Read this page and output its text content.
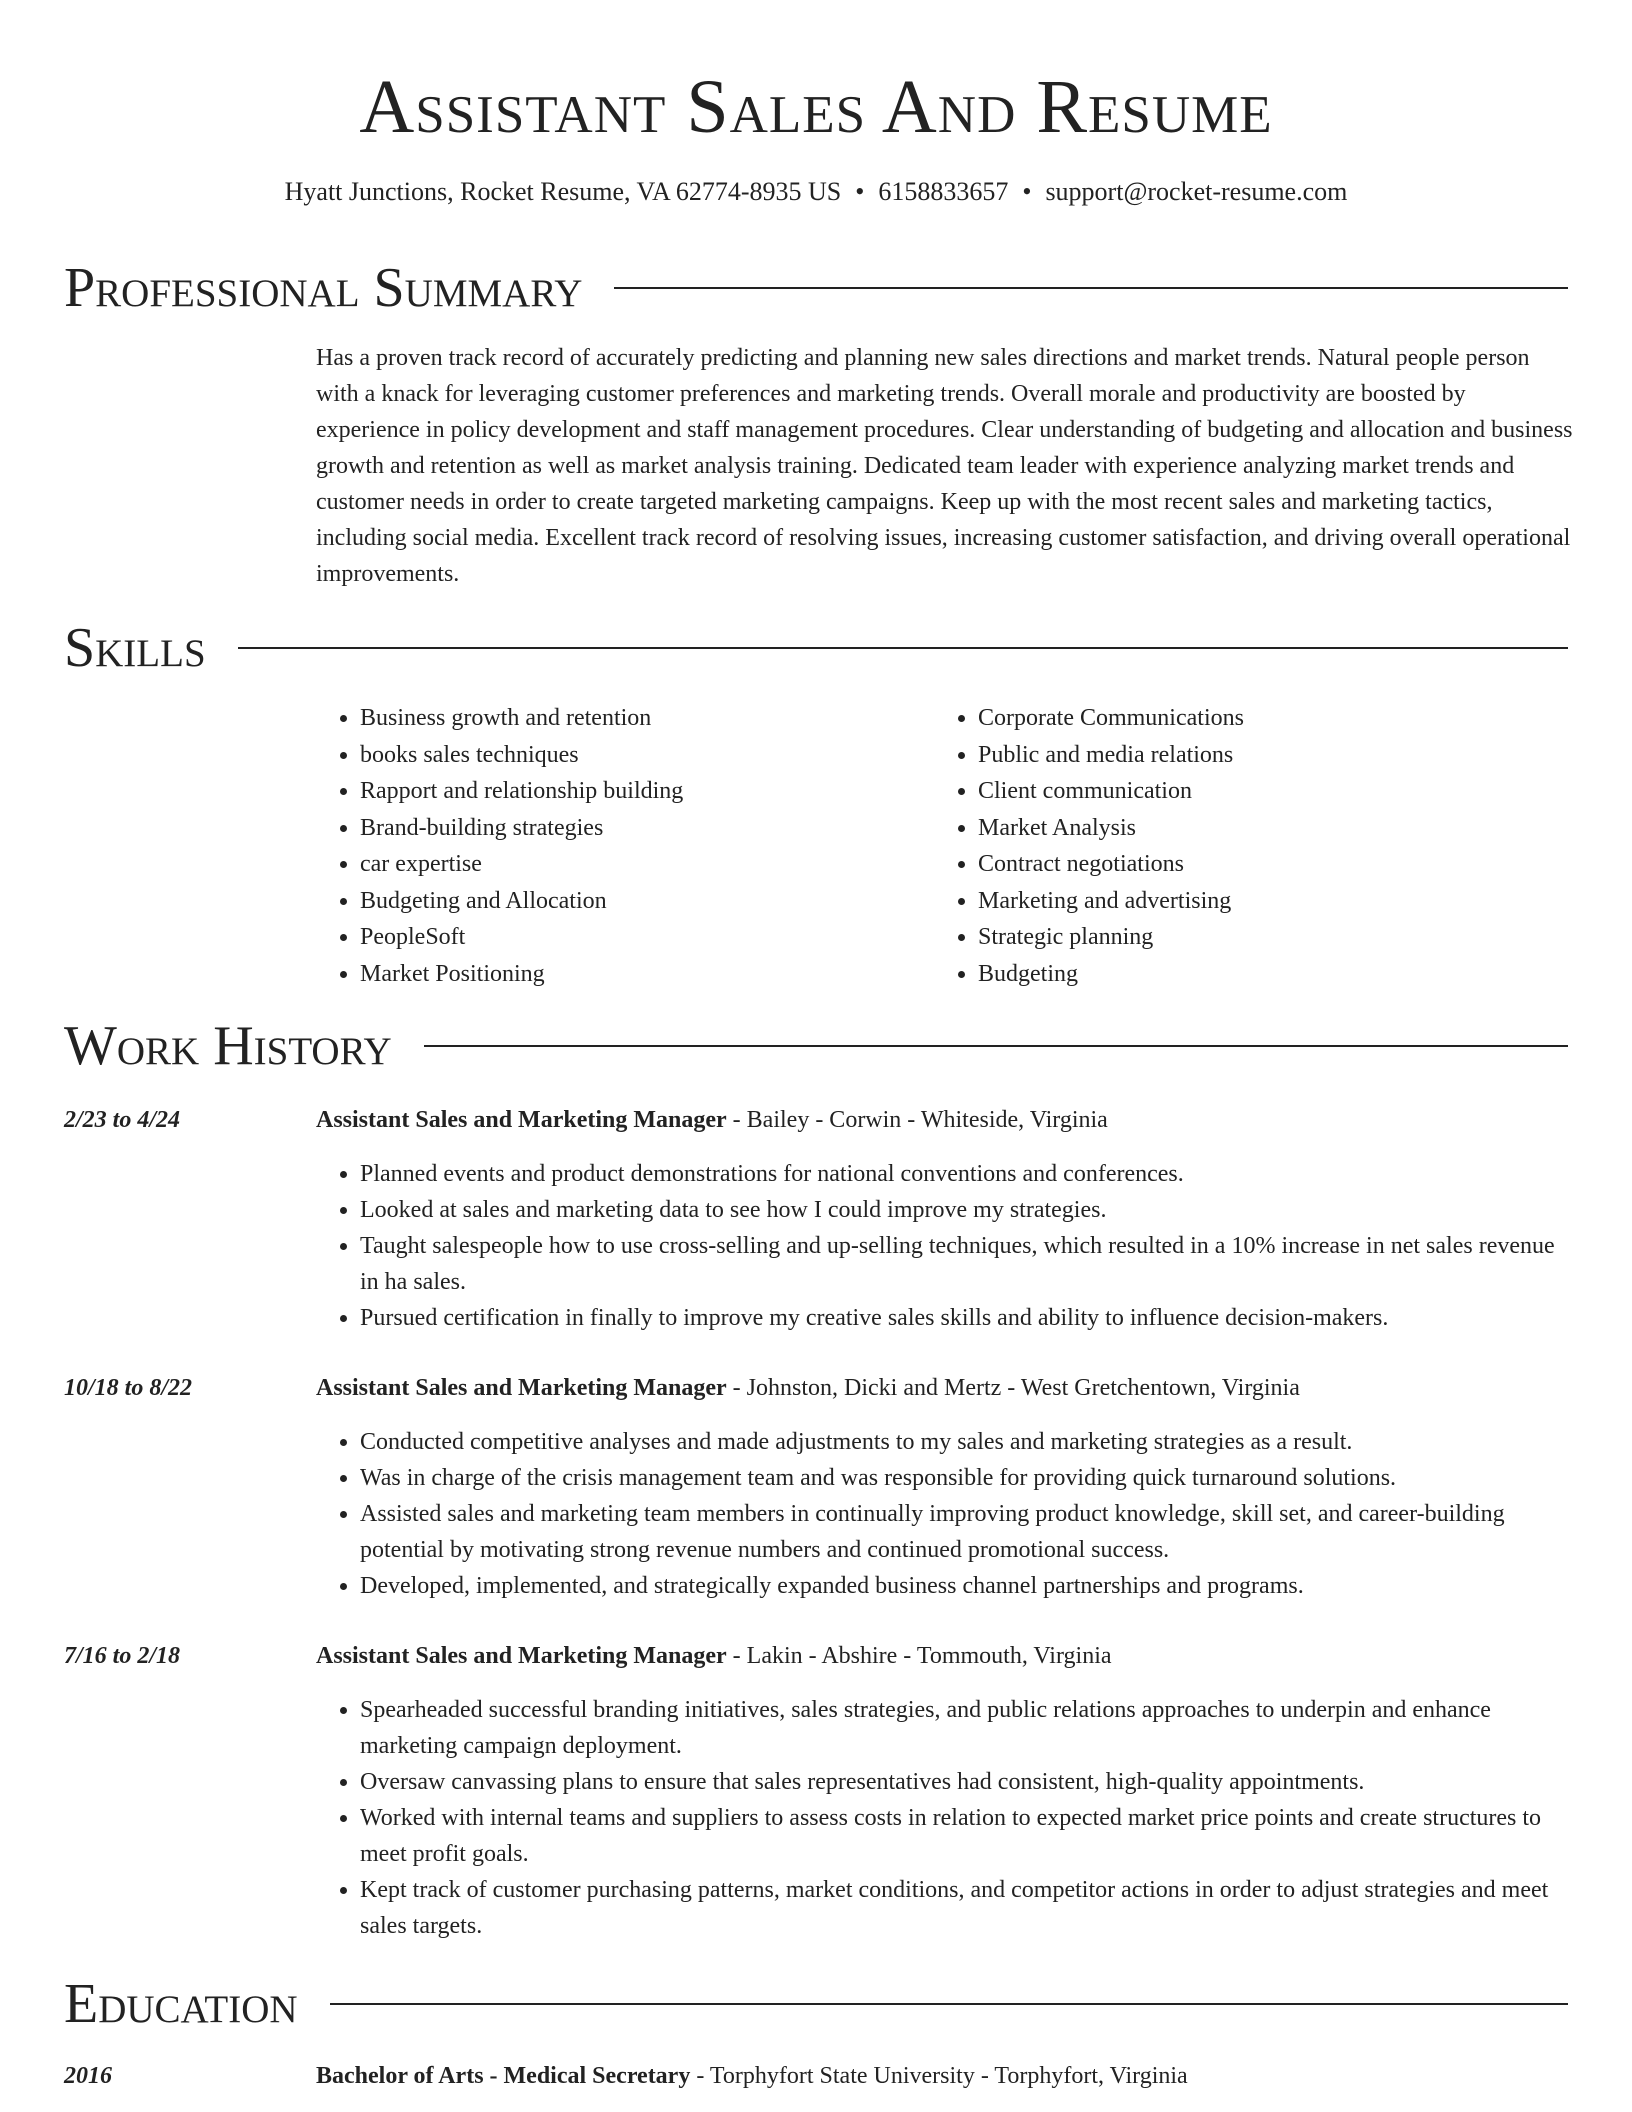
Assistant Sales And Resume
Hyatt Junctions, Rocket Resume, VA 62774-8935 US • 6158833657 • support@rocket-resume.com
Professional Summary

Has a proven track record of accurately predicting and planning new sales directions and market trends. Natural people person with a knack for leveraging customer preferences and marketing trends. Overall morale and productivity are boosted by experience in policy development and staff management procedures. Clear understanding of budgeting and allocation and business growth and retention as well as market analysis training. Dedicated team leader with experience analyzing market trends and customer needs in order to create targeted marketing campaigns. Keep up with the most recent sales and marketing tactics, including social media. Excellent track record of resolving issues, increasing customer satisfaction, and driving overall operational improvements.

Skills
• Business growth and retention
• books sales techniques
• Rapport and relationship building
• Brand-building strategies
• car expertise
• Budgeting and Allocation
• PeopleSoft
• Market Positioning
• Corporate Communications
• Public and media relations
• Client communication
• Market Analysis
• Contract negotiations
• Marketing and advertising
• Strategic planning
• Budgeting
Work History
2/23 to 4/24	Assistant Sales and Marketing Manager - Bailey - Corwin - Whiteside, Virginia
• Planned events and product demonstrations for national conventions and conferences.
• Looked at sales and marketing data to see how I could improve my strategies.
• Taught salespeople how to use cross-selling and up-selling techniques, which resulted in a 10% increase in net sales revenue in ha sales.
• Pursued certification in finally to improve my creative sales skills and ability to influence decision-makers.
10/18 to 8/22	Assistant Sales and Marketing Manager - Johnston, Dicki and Mertz - West Gretchentown, Virginia
• Conducted competitive analyses and made adjustments to my sales and marketing strategies as a result.
• Was in charge of the crisis management team and was responsible for providing quick turnaround solutions.
• Assisted sales and marketing team members in continually improving product knowledge, skill set, and career-building potential by motivating strong revenue numbers and continued promotional success.
• Developed, implemented, and strategically expanded business channel partnerships and programs.
7/16 to 2/18	Assistant Sales and Marketing Manager - Lakin - Abshire - Tommouth, Virginia
• Spearheaded successful branding initiatives, sales strategies, and public relations approaches to underpin and enhance marketing campaign deployment.
• Oversaw canvassing plans to ensure that sales representatives had consistent, high-quality appointments.
• Worked with internal teams and suppliers to assess costs in relation to expected market price points and create structures to meet profit goals.
• Kept track of customer purchasing patterns, market conditions, and competitor actions in order to adjust strategies and meet sales targets.
Education
2016	Bachelor of Arts - Medical Secretary - Torphyfort State University - Torphyfort, Virginia
